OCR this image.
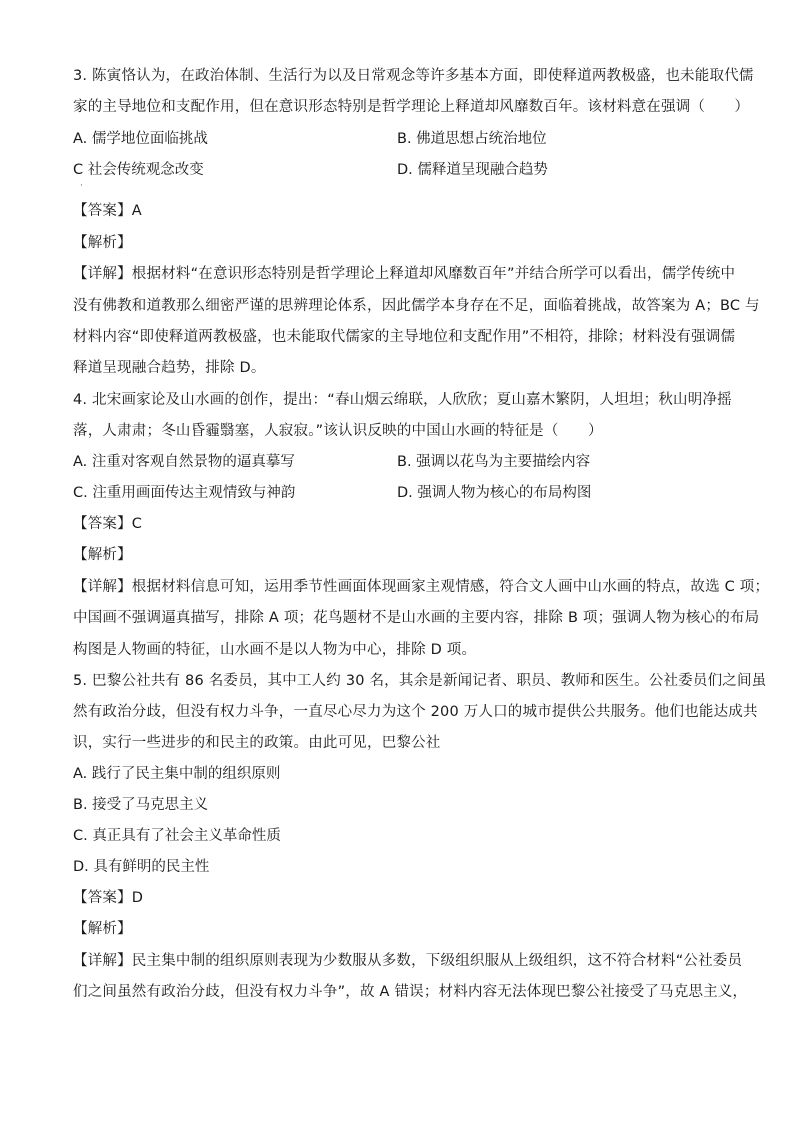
3. 陈寅恪认为，在政治体制、生活行为以及日常观念等许多基本方面，即使释道两教极盛，也未能取代儒
家的主导地位和支配作用，但在意识形态特别是哲学理论上释道却风靡数百年。该材料意在强调（　　）
A. 儒学地位面临挑战	B. 佛道思想占统治地位
C 社会传统观念改变	D. 儒释道呈现融合趋势
·
【答案】A
【解析】
【详解】根据材料“在意识形态特别是哲学理论上释道却风靡数百年”并结合所学可以看出，儒学传统中
没有佛教和道教那么细密严谨的思辨理论体系，因此儒学本身存在不足，面临着挑战，故答案为 A；BC 与
材料内容“即使释道两教极盛，也未能取代儒家的主导地位和支配作用”不相符，排除；材料没有强调儒
释道呈现融合趋势，排除 D。
4. 北宋画家论及山水画的创作，提出：“春山烟云绵联，人欣欣；夏山嘉木繁阴，人坦坦；秋山明净摇
落，人肃肃；冬山昏霾翳塞，人寂寂。”该认识反映的中国山水画的特征是（　　）
A. 注重对客观自然景物的逼真摹写	B. 强调以花鸟为主要描绘内容
C. 注重用画面传达主观情致与神韵	D. 强调人物为核心的布局构图
【答案】C
【解析】
【详解】根据材料信息可知，运用季节性画面体现画家主观情感，符合文人画中山水画的特点，故选 C 项；
中国画不强调逼真描写，排除 A 项；花鸟题材不是山水画的主要内容，排除 B 项；强调人物为核心的布局
构图是人物画的特征，山水画不是以人物为中心，排除 D 项。
5. 巴黎公社共有 86 名委员，其中工人约 30 名，其余是新闻记者、职员、教师和医生。公社委员们之间虽
然有政治分歧，但没有权力斗争，一直尽心尽力为这个 200 万人口的城市提供公共服务。他们也能达成共
识，实行一些进步的和民主的政策。由此可见，巴黎公社
A. 践行了民主集中制的组织原则
B. 接受了马克思主义
C. 真正具有了社会主义革命性质
D. 具有鲜明的民主性
【答案】D
【解析】
【详解】民主集中制的组织原则表现为少数服从多数，下级组织服从上级组织，这不符合材料“公社委员
们之间虽然有政治分歧，但没有权力斗争”，故 A 错误；材料内容无法体现巴黎公社接受了马克思主义，
